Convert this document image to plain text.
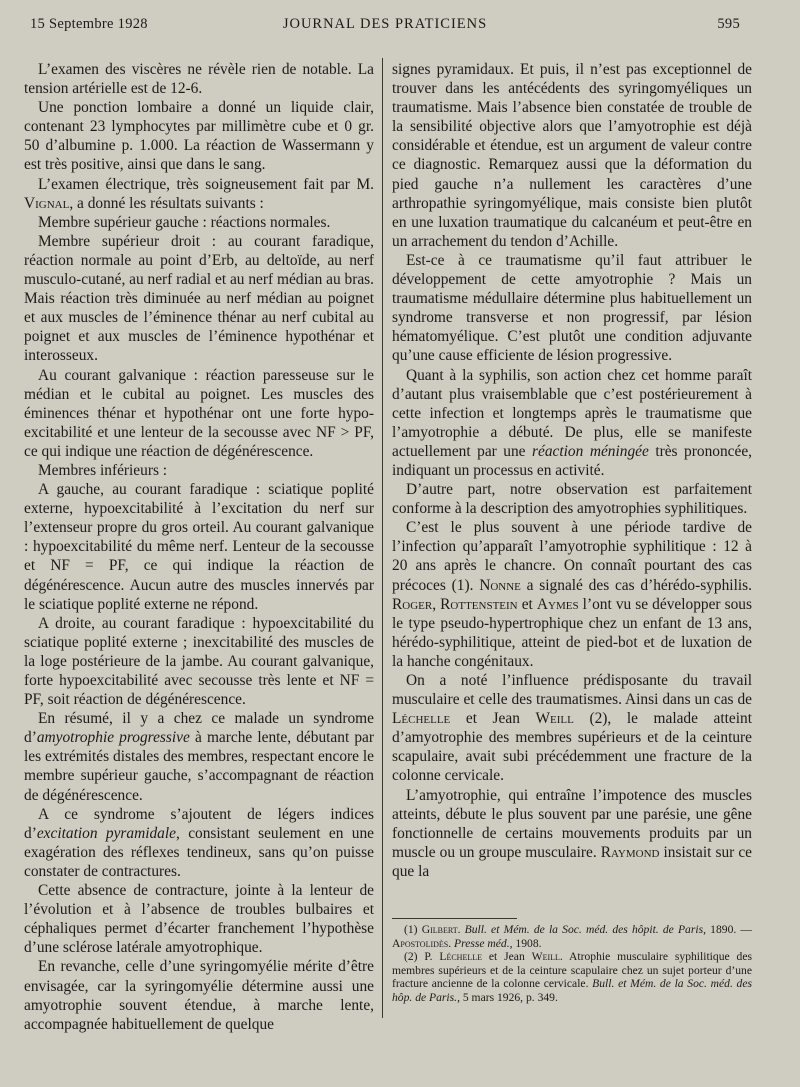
15 Septembre 1928	JOURNAL DES PRATICIENS	595

L’examen des viscères ne révèle rien de notable. La tension artérielle est de 12-6.

Une ponction lombaire a donné un liquide clair, contenant 23 lymphocytes par millimètre cube et 0 gr. 50 d’albumine p. 1.000. La réaction de Wassermann y est très positive, ainsi que dans le sang.

L’examen électrique, très soigneusement fait par M. Vignal, a donné les résultats suivants :

Membre supérieur gauche : réactions normales.

Membre supérieur droit : au courant faradique, réaction normale au point d’Erb, au deltoïde, au nerf musculo-cutané, au nerf radial et au nerf médian au bras. Mais réaction très diminuée au nerf médian au poignet et aux muscles de l’éminence thénar au nerf cubital au poignet et aux muscles de l’éminence hypothénar et interosseux.

Au courant galvanique : réaction paresseuse sur le médian et le cubital au poignet. Les muscles des éminences thénar et hypothénar ont une forte hypo-excitabilité et une lenteur de la secousse avec NF > PF, ce qui indique une réaction de dégénérescence.

Membres inférieurs :

A gauche, au courant faradique : sciatique poplité externe, hypoexcitabilité à l’excitation du nerf sur l’extenseur propre du gros orteil. Au courant galvanique : hypoexcitabilité du même nerf. Lenteur de la secousse et NF = PF, ce qui indique la réaction de dégénérescence. Aucun autre des muscles innervés par le sciatique poplité externe ne répond.

A droite, au courant faradique : hypoexcitabilité du sciatique poplité externe ; inexcitabilité des muscles de la loge postérieure de la jambe. Au courant galvanique, forte hypoexcitabilité avec secousse très lente et NF = PF, soit réaction de dégénérescence.

En résumé, il y a chez ce malade un syndrome d’amyotrophie progressive à marche lente, débutant par les extrémités distales des membres, respectant encore le membre supérieur gauche, s’accompagnant de réaction de dégénérescence.

A ce syndrome s’ajoutent de légers indices d’excitation pyramidale, consistant seulement en une exagération des réflexes tendineux, sans qu’on puisse constater de contractures.

Cette absence de contracture, jointe à la lenteur de l’évolution et à l’absence de troubles bulbaires et céphaliques permet d’écarter franchement l’hypothèse d’une sclérose latérale amyotrophique.

En revanche, celle d’une syringomyélie mérite d’être envisagée, car la syringomyélie détermine aussi une amyotrophie souvent étendue, à marche lente, accompagnée habituellement de quelque

signes pyramidaux. Et puis, il n’est pas exceptionnel de trouver dans les antécédents des syringomyéliques un traumatisme. Mais l’absence bien constatée de trouble de la sensibilité objective alors que l’amyotrophie est déjà considérable et étendue, est un argument de valeur contre ce diagnostic. Remarquez aussi que la déformation du pied gauche n’a nullement les caractères d’une arthropathie syringomyélique, mais consiste bien plutôt en une luxation traumatique du calcanéum et peut-être en un arrachement du tendon d’Achille.

Est-ce à ce traumatisme qu’il faut attribuer le développement de cette amyotrophie ? Mais un traumatisme médullaire détermine plus habituellement un syndrome transverse et non progressif, par lésion hématomyélique. C’est plutôt une condition adjuvante qu’une cause efficiente de lésion progressive.

Quant à la syphilis, son action chez cet homme paraît d’autant plus vraisemblable que c’est postérieurement à cette infection et longtemps après le traumatisme que l’amyotrophie a débuté. De plus, elle se manifeste actuellement par une réaction méningée très prononcée, indiquant un processus en activité.

D’autre part, notre observation est parfaitement conforme à la description des amyotrophies syphilitiques.

C’est le plus souvent à une période tardive de l’infection qu’apparaît l’amyotrophie syphilitique : 12 à 20 ans après le chancre. On connaît pourtant des cas précoces (1). Nonne a signalé des cas d’hérédo-syphilis. Roger, Rottenstein et Aymes l’ont vu se développer sous le type pseudo-hypertrophique chez un enfant de 13 ans, hérédo-syphilitique, atteint de pied-bot et de luxation de la hanche congénitaux.

On a noté l’influence prédisposante du travail musculaire et celle des traumatismes. Ainsi dans un cas de Léchelle et Jean Weill (2), le malade atteint d’amyotrophie des membres supérieurs et de la ceinture scapulaire, avait subi précédemment une fracture de la colonne cervicale.

L’amyotrophie, qui entraîne l’impotence des muscles atteints, débute le plus souvent par une parésie, une gêne fonctionnelle de certains mouvements produits par un muscle ou un groupe musculaire. Raymond insistait sur ce que la

(1) Gilbert. Bull. et Mém. de la Soc. méd. des hôpit. de Paris, 1890. — Apostolidès. Presse méd., 1908.

(2) P. Léchelle et Jean Weill. Atrophie musculaire syphilitique des membres supérieurs et de la ceinture scapulaire chez un sujet porteur d’une fracture ancienne de la colonne cervicale. Bull. et Mém. de la Soc. méd. des hôp. de Paris., 5 mars 1926, p. 349.
